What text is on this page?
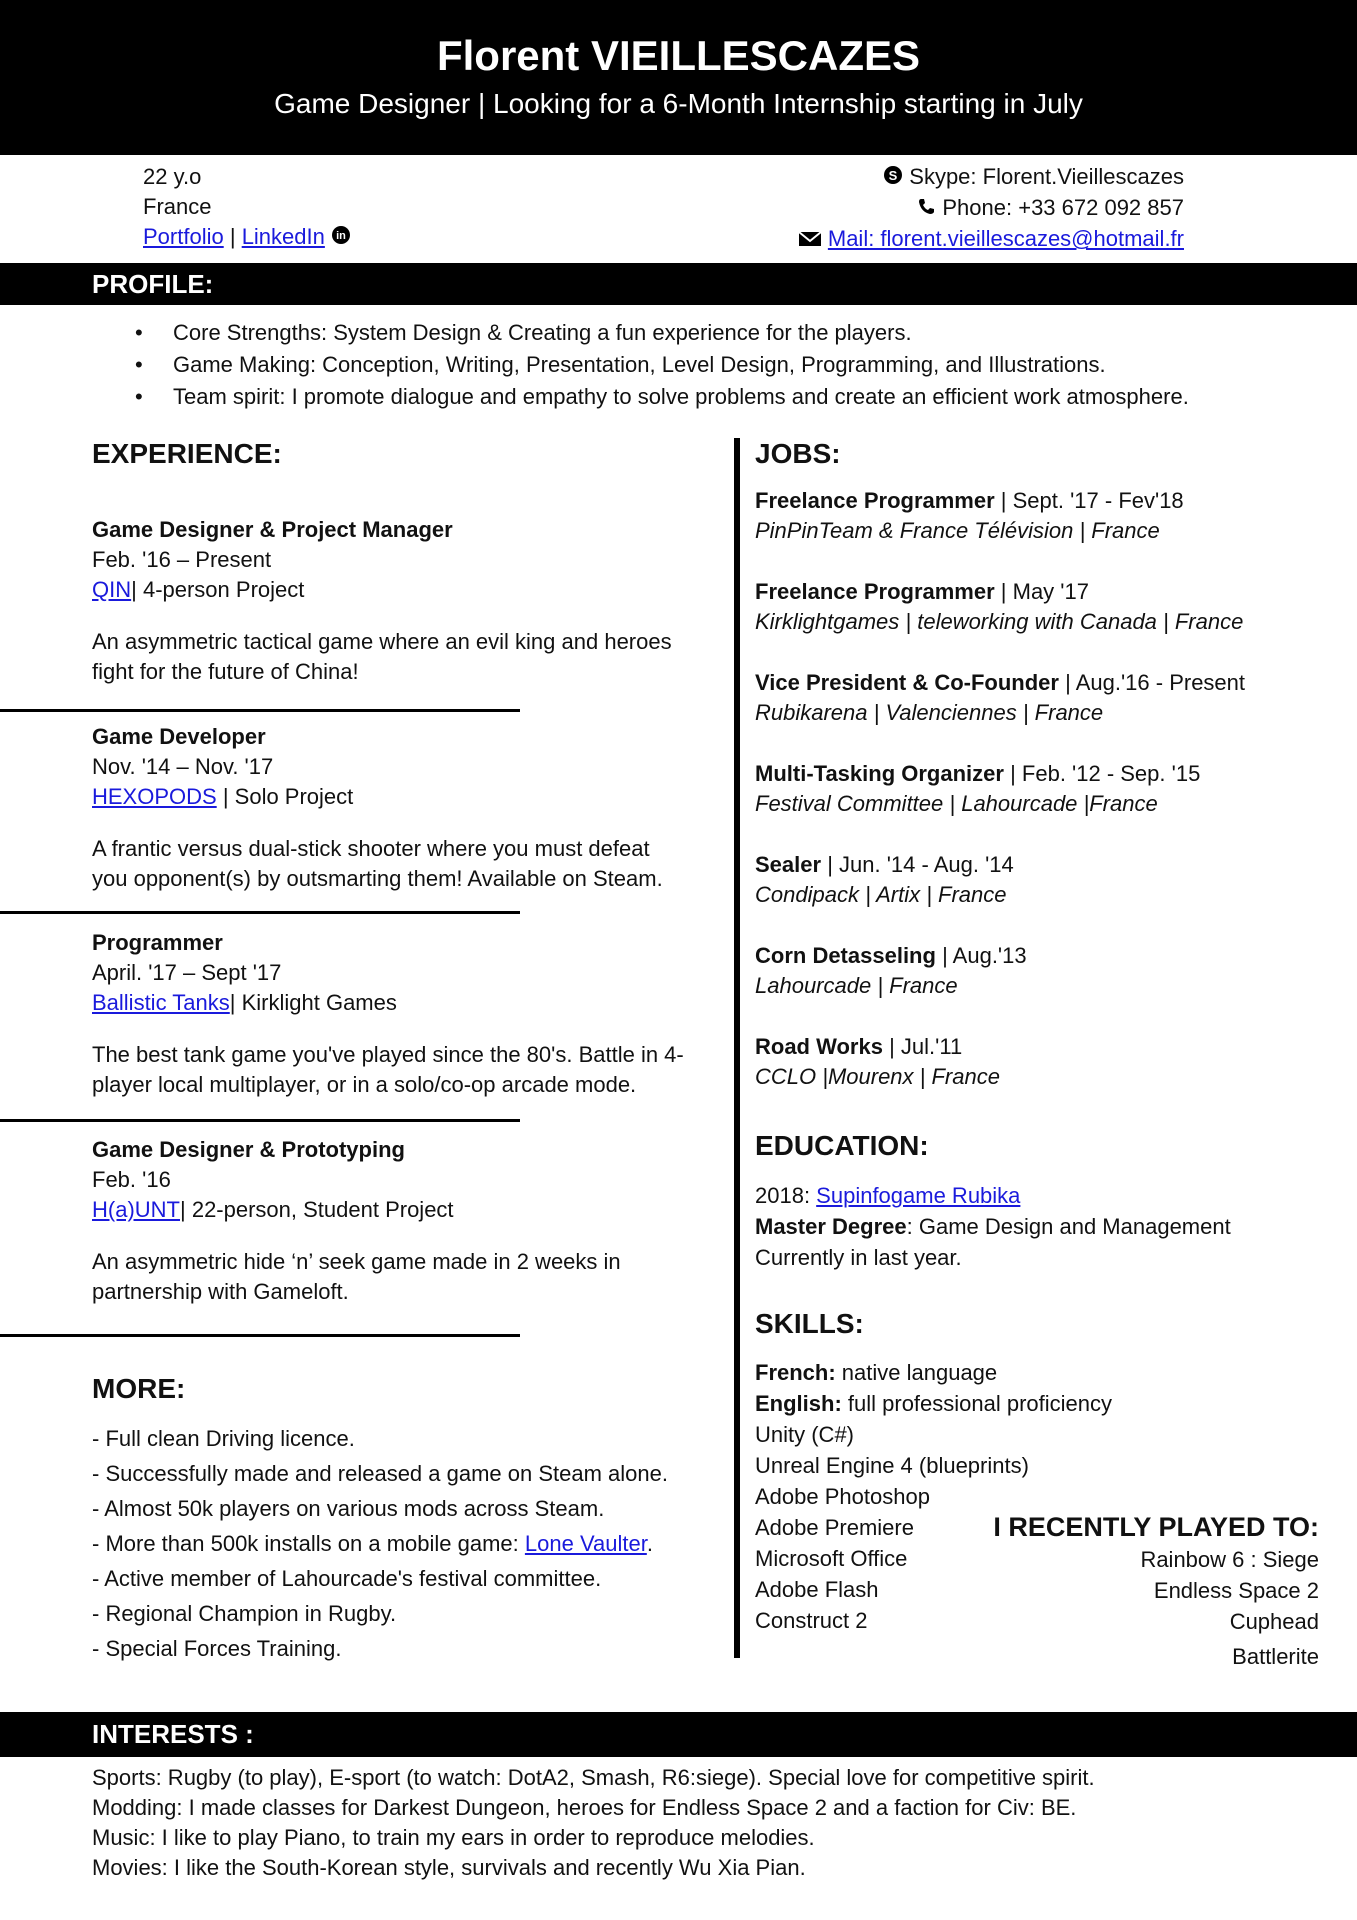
Florent VIEILLESCAZES
Game Designer | Looking for a 6-Month Internship starting in July
22 y.o
France
Portfolio | LinkedIn in
S Skype: Florent.Vieillescazes
Phone: +33 672 092 857
Mail: florent.vieillescazes@hotmail.fr
PROFILE:
• Core Strengths: System Design & Creating a fun experience for the players.
• Game Making: Conception, Writing, Presentation, Level Design, Programming, and Illustrations.
• Team spirit: I promote dialogue and empathy to solve problems and create an efficient work atmosphere.
EXPERIENCE:
Game Designer & Project Manager
Feb. '16 – Present
QIN| 4-person Project
An asymmetric tactical game where an evil king and heroes
fight for the future of China!
Game Developer
Nov. '14 – Nov. '17
HEXOPODS | Solo Project
A frantic versus dual-stick shooter where you must defeat
you opponent(s) by outsmarting them! Available on Steam.
Programmer
April. '17 – Sept '17
Ballistic Tanks| Kirklight Games
The best tank game you've played since the 80's. Battle in 4-
player local multiplayer, or in a solo/co-op arcade mode.
Game Designer & Prototyping
Feb. '16
H(a)UNT| 22-person, Student Project
An asymmetric hide ‘n’ seek game made in 2 weeks in
partnership with Gameloft.
MORE:
- Full clean Driving licence.
- Successfully made and released a game on Steam alone.
- Almost 50k players on various mods across Steam.
- More than 500k installs on a mobile game: Lone Vaulter.
- Active member of Lahourcade's festival committee.
- Regional Champion in Rugby.
- Special Forces Training.
JOBS:
Freelance Programmer | Sept. '17 - Fev'18
PinPinTeam & France Télévision | France
Freelance Programmer | May '17
Kirklightgames | teleworking with Canada | France
Vice President & Co-Founder | Aug.'16 - Present
Rubikarena | Valenciennes | France
Multi-Tasking Organizer | Feb. '12 - Sep. '15
Festival Committee | Lahourcade |France
Sealer | Jun. '14 - Aug. '14
Condipack | Artix | France
Corn Detasseling | Aug.'13
Lahourcade | France
Road Works | Jul.'11
CCLO |Mourenx | France
EDUCATION:
2018: Supinfogame Rubika
Master Degree: Game Design and Management
Currently in last year.
SKILLS:
French: native language
English: full professional proficiency
Unity (C#)
Unreal Engine 4 (blueprints)
Adobe Photoshop
Adobe Premiere
Microsoft Office
Adobe Flash
Construct 2
I RECENTLY PLAYED TO:
Rainbow 6 : Siege
Endless Space 2
Cuphead
Battlerite
INTERESTS :
Sports: Rugby (to play), E-sport (to watch: DotA2, Smash, R6:siege). Special love for competitive spirit.
Modding: I made classes for Darkest Dungeon, heroes for Endless Space 2 and a faction for Civ: BE.
Music: I like to play Piano, to train my ears in order to reproduce melodies.
Movies: I like the South-Korean style, survivals and recently Wu Xia Pian.
